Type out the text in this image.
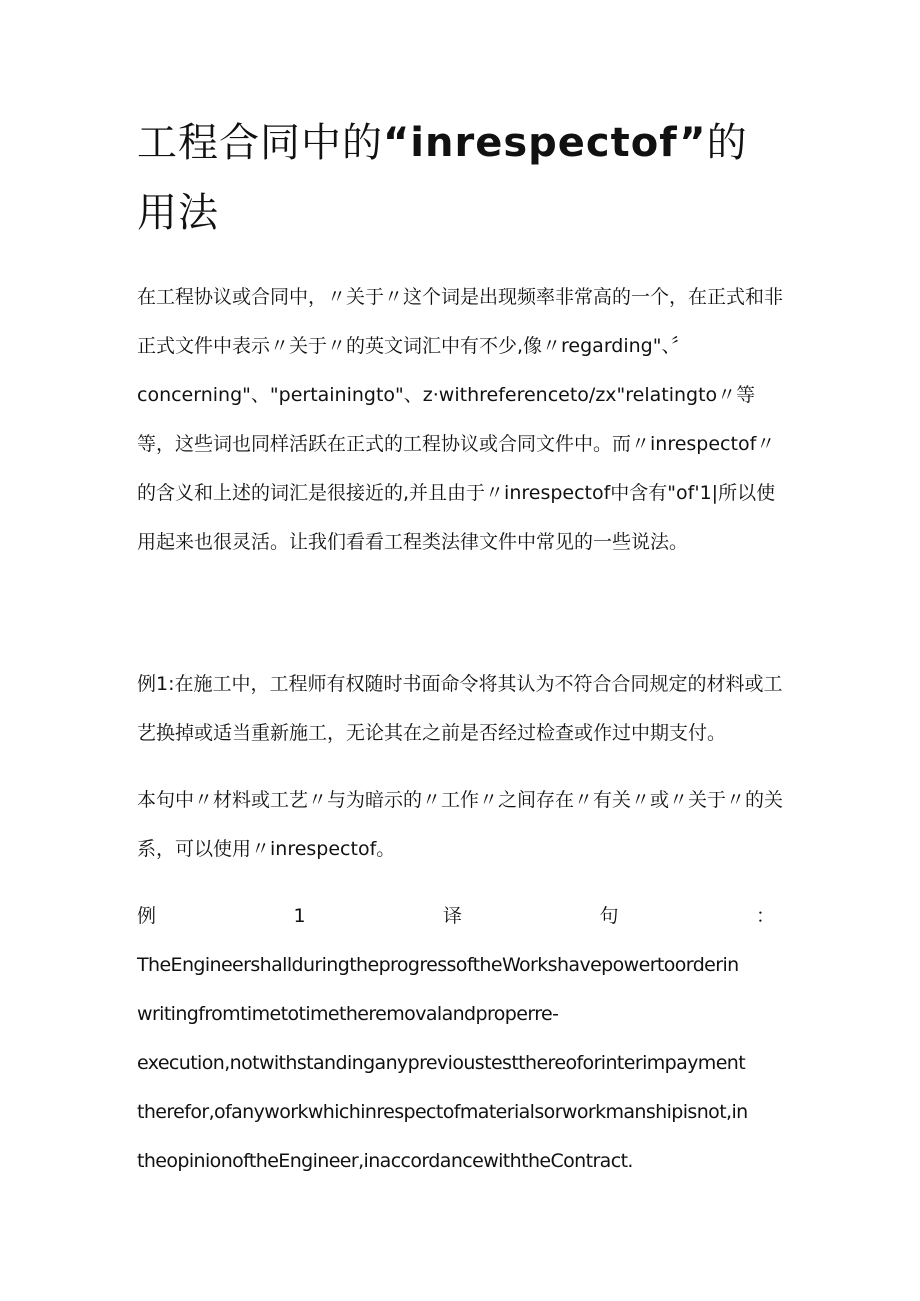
工程合同中的“inrespectof”的用法

在工程协议或合同中，〃关于〃这个词是出现频率非常高的一个，在正式和非正式文件中表示〃关于〃的英文词汇中有不少,像〃regarding"、〞concerning"、"pertainingto"、z·withreferenceto/zx"relatingto〃等等，这些词也同样活跃在正式的工程协议或合同文件中。而〃inrespectof〃的含义和上述的词汇是很接近的,并且由于〃inrespectof中含有"of'1|所以使用起来也很灵活。让我们看看工程类法律文件中常见的一些说法。

例1:在施工中，工程师有权随时书面命令将其认为不符合合同规定的材料或工艺换掉或适当重新施工，无论其在之前是否经过检查或作过中期支付。

本句中〃材料或工艺〃与为暗示的〃工作〃之间存在〃有关〃或〃关于〃的关系，可以使用〃inrespectof。

例	1	译	句	：

TheEngineershallduringtheprogressoftheWorkshavepowertoorderin
writingfromtimetotimetheremovalandproperre-
execution,notwithstandinganyprevioustestthereoforinterimpayment
therefor,ofanyworkwhichinrespectofmaterialsorworkmanshipisnot,in
theopinionoftheEngineer,inaccordancewiththeContract.
